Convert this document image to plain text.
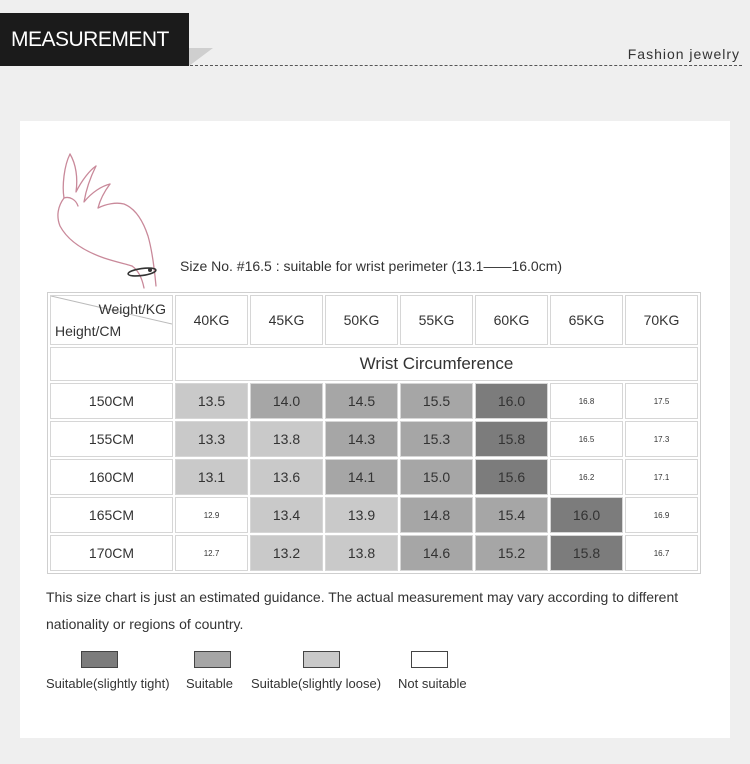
MEASUREMENT
Fashion jewelry
Size No. #16.5 : suitable for wrist perimeter (13.1——16.0cm)
Weight/KG
Height/CM	40KG	45KG	50KG	55KG	60KG	65KG	70KG
	Wrist Circumference						
150CM	13.5	14.0	14.5	15.5	16.0	16.8	17.5
155CM	13.3	13.8	14.3	15.3	15.8	16.5	17.3
160CM	13.1	13.6	14.1	15.0	15.6	16.2	17.1
165CM	12.9	13.4	13.9	14.8	15.4	16.0	16.9
170CM	12.7	13.2	13.8	14.6	15.2	15.8	16.7
This size chart is just an estimated guidance. The actual measurement may vary according to different nationality or regions of country.
Suitable(slightly tight) Suitable Suitable(slightly loose) Not suitable
